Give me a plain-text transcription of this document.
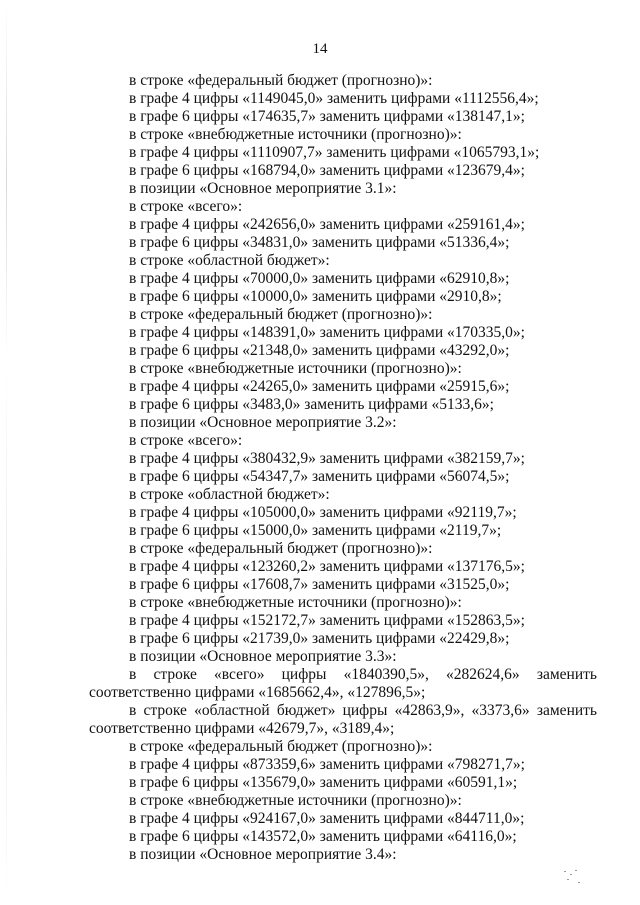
14
в строке «федеральный бюджет (прогнозно)»:
в графе 4 цифры «1149045,0» заменить цифрами «1112556,4»;
в графе 6 цифры «174635,7» заменить цифрами «138147,1»;
в строке «внебюджетные источники (прогнозно)»:
в графе 4 цифры «1110907,7» заменить цифрами «1065793,1»;
в графе 6 цифры «168794,0» заменить цифрами «123679,4»;
в позиции «Основное мероприятие 3.1»:
в строке «всего»:
в графе 4 цифры «242656,0» заменить цифрами «259161,4»;
в графе 6 цифры «34831,0» заменить цифрами «51336,4»;
в строке «областной бюджет»:
в графе 4 цифры «70000,0» заменить цифрами «62910,8»;
в графе 6 цифры «10000,0» заменить цифрами «2910,8»;
в строке «федеральный бюджет (прогнозно)»:
в графе 4 цифры «148391,0» заменить цифрами «170335,0»;
в графе 6 цифры «21348,0» заменить цифрами «43292,0»;
в строке «внебюджетные источники (прогнозно)»:
в графе 4 цифры «24265,0» заменить цифрами «25915,6»;
в графе 6 цифры «3483,0» заменить цифрами «5133,6»;
в позиции «Основное мероприятие 3.2»:
в строке «всего»:
в графе 4 цифры «380432,9» заменить цифрами «382159,7»;
в графе 6 цифры «54347,7» заменить цифрами «56074,5»;
в строке «областной бюджет»:
в графе 4 цифры «105000,0» заменить цифрами «92119,7»;
в графе 6 цифры «15000,0» заменить цифрами «2119,7»;
в строке «федеральный бюджет (прогнозно)»:
в графе 4 цифры «123260,2» заменить цифрами «137176,5»;
в графе 6 цифры «17608,7» заменить цифрами «31525,0»;
в строке «внебюджетные источники (прогнозно)»:
в графе 4 цифры «152172,7» заменить цифрами «152863,5»;
в графе 6 цифры «21739,0» заменить цифрами «22429,8»;
в позиции «Основное мероприятие 3.3»:
в строке «всего» цифры «1840390,5», «282624,6» заменить соответственно цифрами «1685662,4», «127896,5»;
в строке «областной бюджет» цифры «42863,9», «3373,6» заменить соответственно цифрами «42679,7», «3189,4»;
в строке «федеральный бюджет (прогнозно)»:
в графе 4 цифры «873359,6» заменить цифрами «798271,7»;
в графе 6 цифры «135679,0» заменить цифрами «60591,1»;
в строке «внебюджетные источники (прогнозно)»:
в графе 4 цифры «924167,0» заменить цифрами «844711,0»;
в графе 6 цифры «143572,0» заменить цифрами «64116,0»;
в позиции «Основное мероприятие 3.4»:
